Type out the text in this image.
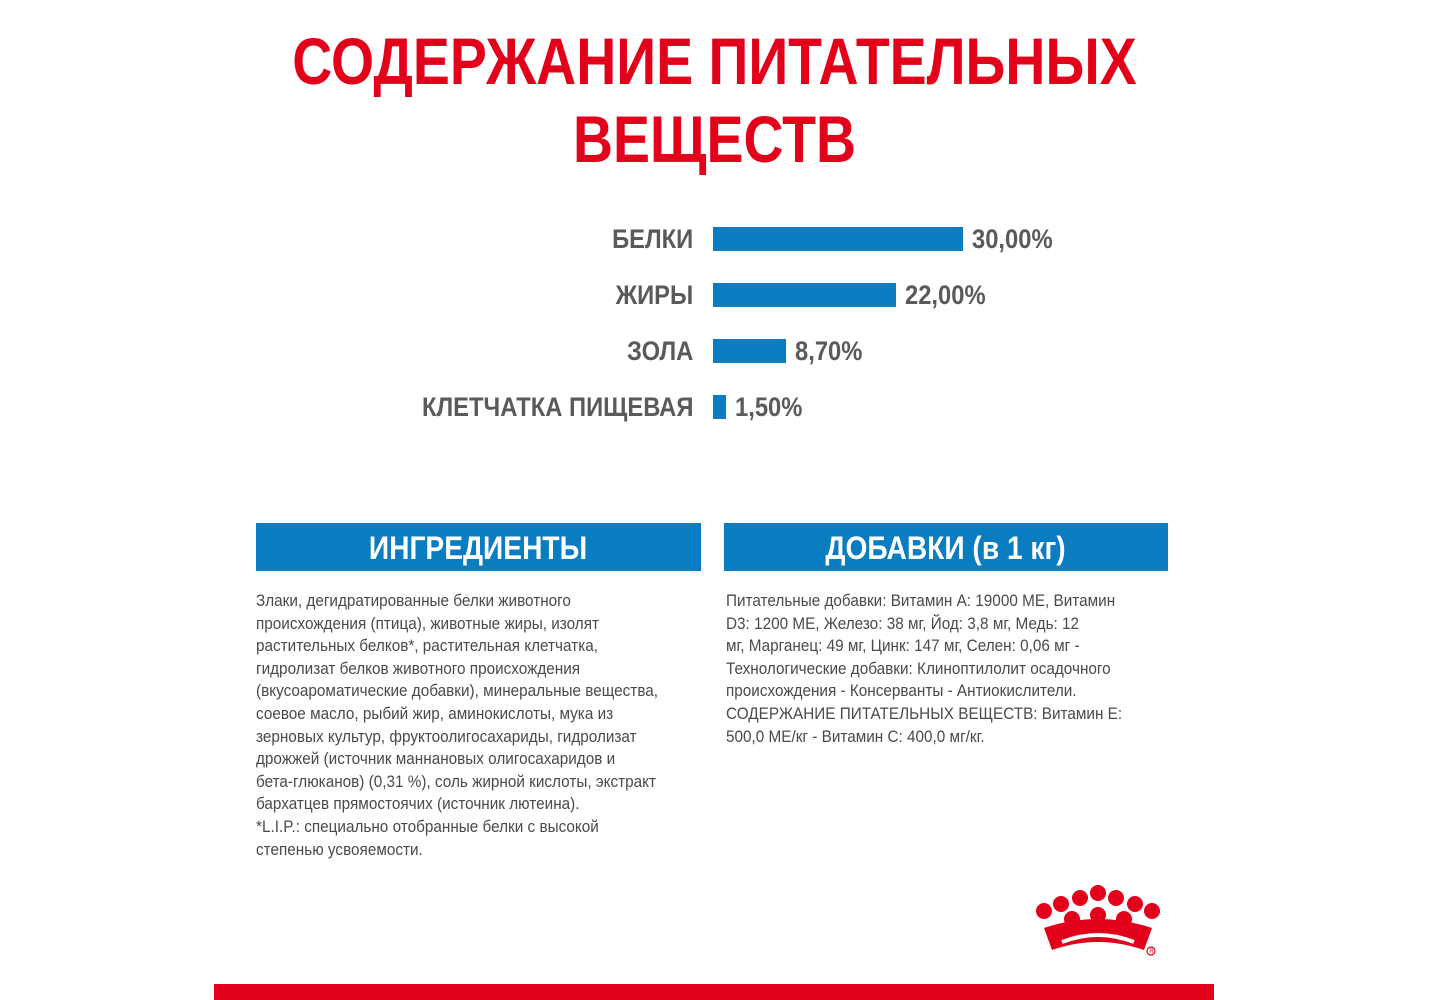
СОДЕРЖАНИЕ ПИТАТЕЛЬНЫХ
ВЕЩЕСТВ
БЕЛКИ	30,00%
ЖИРЫ	22,00%
ЗОЛА	8,70%
КЛЕТЧАТКА ПИЩЕВАЯ 1,50%
ИНГРЕДИЕНТЫ
Злаки, дегидратированные белки животного
происхождения (птица), животные жиры, изолят
растительных белков*, растительная клетчатка,
гидролизат белков животного происхождения
(вкусоароматические добавки), минеральные вещества,
соевое масло, рыбий жир, аминокислоты, мука из
зерновых культур, фруктоолигосахариды, гидролизат
дрожжей (источник маннановых олигосахаридов и
бета-глюканов) (0,31 %), соль жирной кислоты, экстракт
бархатцев прямостоячих (источник лютеина).
*L.I.P.: специально отобранные белки с высокой
степенью усвояемости.
ДОБАВКИ (в 1 кг)
Питательные добавки: Витамин A: 19000 МЕ, Витамин
D3: 1200 МЕ, Железо: 38 мг, Йод: 3,8 мг, Медь: 12
мг, Марганец: 49 мг, Цинк: 147 мг, Селен: 0,06 мг -
Технологические добавки: Клиноптилолит осадочного
происхождения - Консерванты - Антиокислители.
СОДЕРЖАНИЕ ПИТАТЕЛЬНЫХ ВЕЩЕСТВ: Витамин E:
500,0 МЕ/кг - Витамин C: 400,0 мг/кг.
R
